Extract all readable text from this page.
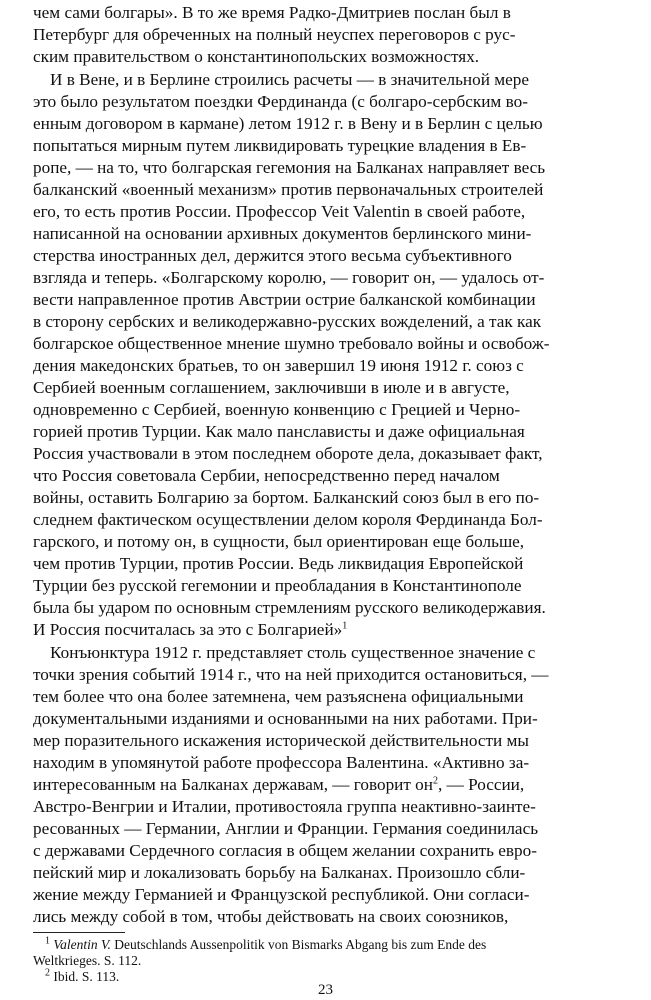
чем сами болгары». В то же время Радко-Дмитриев послан был в
Петербург для обреченных на полный неуспех переговоров с рус-
ским правительством о константинопольских возможностях.
И в Вене, и в Берлине строились расчеты — в значительной мере
это было результатом поездки Фердинанда (с болгаро-сербским во-
енным договором в кармане) летом 1912 г. в Вену и в Берлин с целью
попытаться мирным путем ликвидировать турецкие владения в Ев-
ропе, — на то, что болгарская гегемония на Балканах направляет весь
балканский «военный механизм» против первоначальных строителей
его, то есть против России. Профессор Veit Valentin в своей работе,
написанной на основании архивных документов берлинского мини-
стерства иностранных дел, держится этого весьма субъективного
взгляда и теперь. «Болгарскому королю, — говорит он, — удалось от-
вести направленное против Австрии острие балканской комбинации
в сторону сербских и великодержавно-русских вожделений, а так как
болгарское общественное мнение шумно требовало войны и освобож-
дения македонских братьев, то он завершил 19 июня 1912 г. союз с
Сербией военным соглашением, заключивши в июле и в августе,
одновременно с Сербией, военную конвенцию с Грецией и Черно-
горией против Турции. Как мало панслависты и даже официальная
Россия участвовали в этом последнем обороте дела, доказывает факт,
что Россия советовала Сербии, непосредственно перед началом
войны, оставить Болгарию за бортом. Балканский союз был в его по-
следнем фактическом осуществлении делом короля Фердинанда Бол-
гарского, и потому он, в сущности, был ориентирован еще больше,
чем против Турции, против России. Ведь ликвидация Европейской
Турции без русской гегемонии и преобладания в Константинополе
была бы ударом по основным стремлениям русского великодержавия.
И Россия посчиталась за это с Болгарией»$^1$
Конъюнктура 1912 г. представляет столь существенное значение с
точки зрения событий 1914 г., что на ней приходится остановиться, —
тем более что она более затемнена, чем разъяснена официальными
документальными изданиями и основанными на них работами. При-
мер поразительного искажения исторической действительности мы
находим в упомянутой работе профессора Валентина. «Активно за-
интересованным на Балканах державам, — говорит $он^2$, — России,
Австро-Венгрии и Италии, противостояла группа неактивно-заинте-
ресованных — Германии, Англии и Франции. Германия соединилась
с державами Сердечного согласия в общем желании сохранить евро-
пейский мир и локализовать борьбу на Балканах. Произошло сбли-
жение между Германией и Французской республикой. Они согласи-
лись между собой в том, чтобы действовать на своих союзников,
$^1$ Valentin V. Deutschlands Aussenpolitik von Bismarks Abgang bis zum Ende des
Weltkrieges. S. 112.
$^2$ Ibid. S. 113.
23
